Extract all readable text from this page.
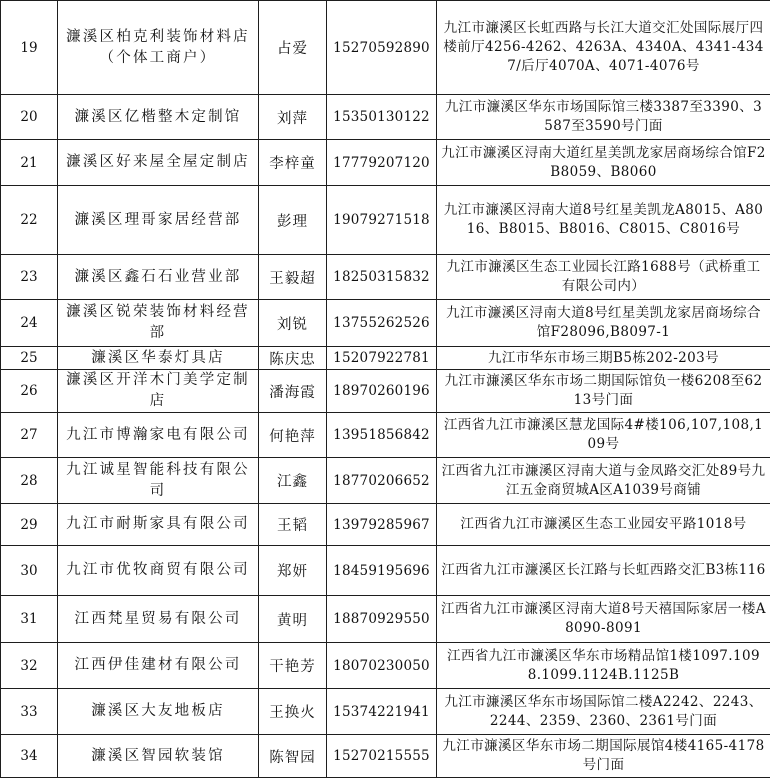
19	濂溪区柏克利装饰材料店（个体工商户）	占爱	15270592890	九江市濂溪区长虹西路与长江大道交汇处国际展厅四楼前厅4256-4262、4263A、4340A、4341-4347/后厅4070A、4071-4076号
20	濂溪区亿楷整木定制馆	刘萍	15350130122	九江市濂溪区华东市场国际馆三楼3387至3390、3587至3590号门面
21	濂溪区好来屋全屋定制店	李梓童	17779207120	九江市濂溪区浔南大道红星美凯龙家居商场综合馆F2B8059、B8060
22	濂溪区理哥家居经营部	彭理	19079271518	九江市濂溪区浔南大道8号红星美凯龙A8015、A8016、B8015、B8016、C8015、C8016号
23	濂溪区鑫石石业营业部	王毅超	18250315832	九江市濂溪区生态工业园长江路1688号（武桥重工有限公司内）
24	濂溪区锐荣装饰材料经营部	刘锐	13755262526	九江市濂溪区浔南大道8号红星美凯龙家居商场综合馆F28096,B8097-1
25	濂溪区华泰灯具店	陈庆忠	15207922781	九江市华东市场三期B5栋202-203号
26	濂溪区开洋木门美学定制店	潘海霞	18970260196	九江市濂溪区华东市场二期国际馆负一楼6208至6213号门面
27	九江市博瀚家电有限公司	何艳萍	13951856842	江西省九江市濂溪区慧龙国际4#楼106,107,108,109号
28	九江诚星智能科技有限公司	江鑫	18770206652	江西省九江市濂溪区浔南大道与金凤路交汇处89号九江五金商贸城A区A1039号商铺
29	九江市耐斯家具有限公司	王韬	13979285967	江西省九江市濂溪区生态工业园安平路1018号
30	九江市优牧商贸有限公司	郑妍	18459195696	江西省九江市濂溪区长江路与长虹西路交汇B3栋116
31	江西梵星贸易有限公司	黄明	18870929550	江西省九江市濂溪区浔南大道8号天禧国际家居一楼A8090-8091
32	江西伊佳建材有限公司	干艳芳	18070230050	江西省九江市濂溪区华东市场精品馆1楼1097.1098.1099.1124B.1125B
33	濂溪区大友地板店	王换火	15374221941	九江市濂溪区华东市场国际馆二楼A2242、2243、2244、2359、2360、2361号门面
34	濂溪区智园软装馆	陈智园	15270215555	九江市濂溪区华东市场二期国际展馆4楼4165-4178号门面
